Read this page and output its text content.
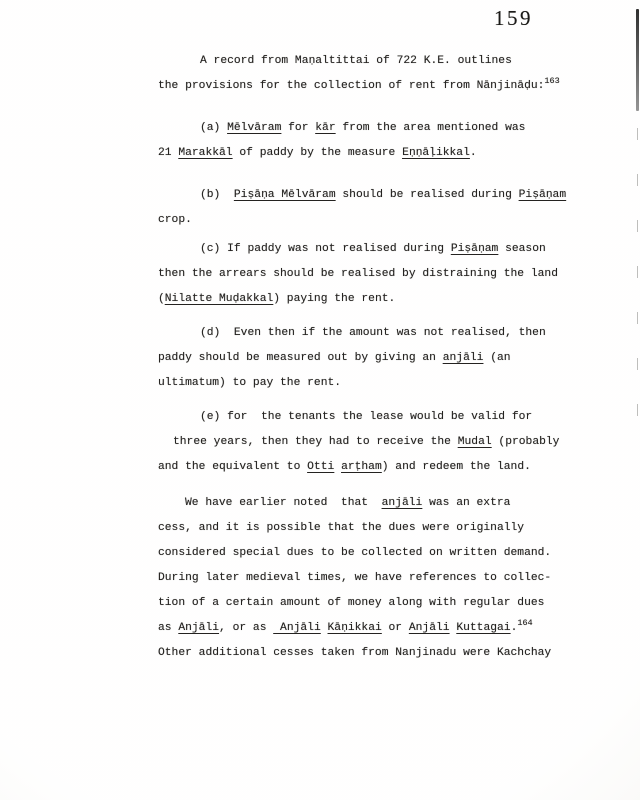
159
A record from Maṇaltittai of 722 K.E. outlines
the provisions for the collection of rent from Nānjināḍu:$^{163}$
(a) Mēlvāram for kār from the area mentioned was
21 Marakkāl of paddy by the measure Eṇṇāḷikkal.
(b)  Piṣāṇa Mēlvāram should be realised during Piṣāṇam
crop.
(c) If paddy was not realised during Piṣāṇam season
then the arrears should be realised by distraining the land
(Nilatte Muḍakkal) paying the rent.
(d)  Even then if the amount was not realised, then
paddy should be measured out by giving an anjāli (an
ultimatum) to pay the rent.
(e) for  the tenants the lease would be valid for
three years, then they had to receive the Mudal (probably
and the equivalent to Otti arṭham) and redeem the land.
We have earlier noted  that  anjāli was an extra
cess, and it is possible that the dues were originally
considered special dues to be collected on written demand.
During later medieval times, we have references to collec-
tion of a certain amount of money along with regular dues
as Anjāli, or as  Anjāli Kāṇikkai or Anjāli Kuttagai.$^{164}$
Other additional cesses taken from Nanjinadu were Kachchay
